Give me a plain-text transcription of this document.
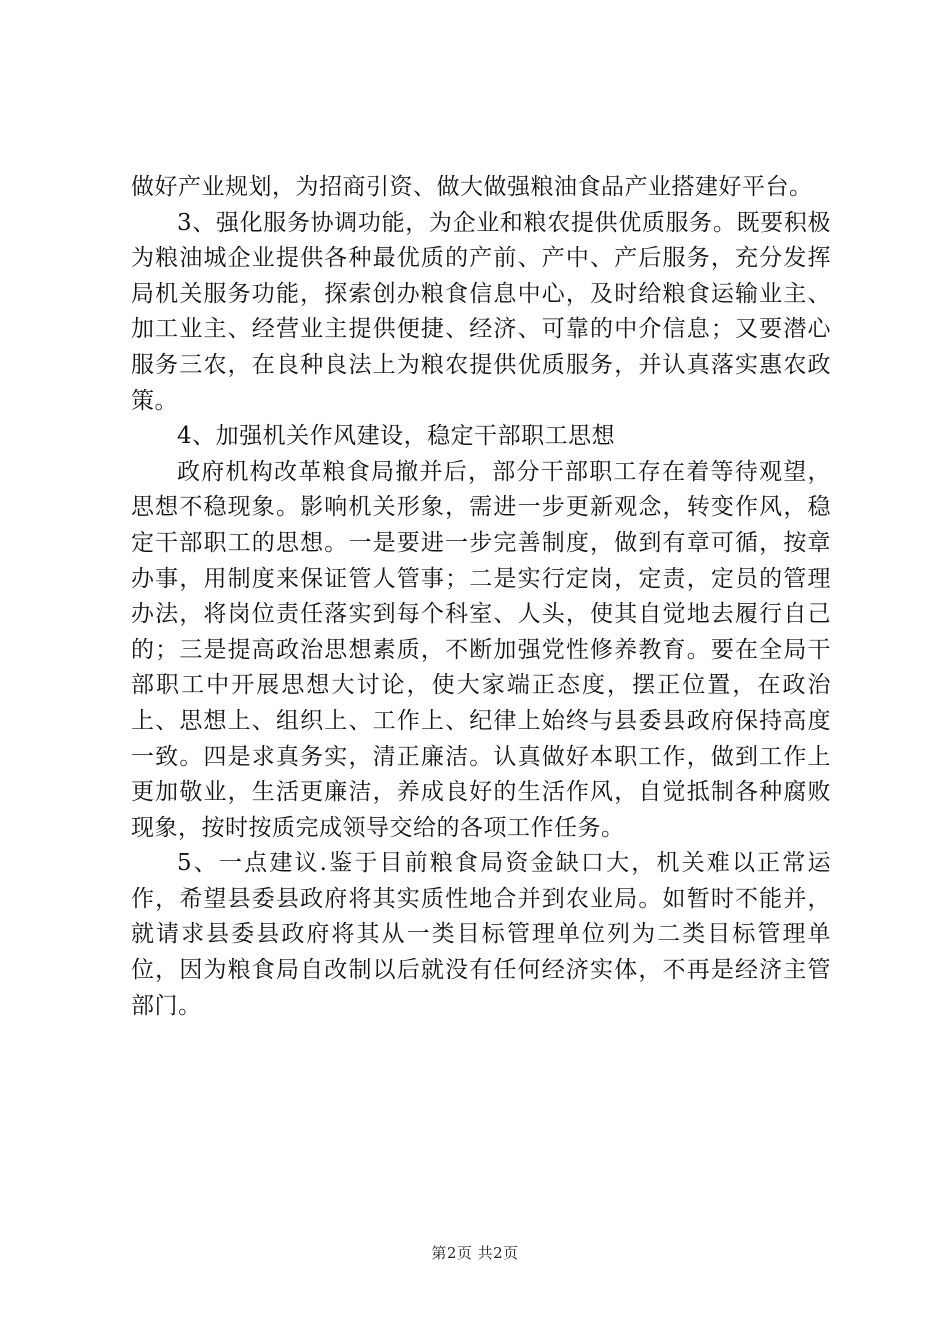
做好产业规划，为招商引资、做大做强粮油食品产业搭建好平台。

3、强化服务协调功能，为企业和粮农提供优质服务。既要积极为粮油城企业提供各种最优质的产前、产中、产后服务，充分发挥局机关服务功能，探索创办粮食信息中心，及时给粮食运输业主、加工业主、经营业主提供便捷、经济、可靠的中介信息；又要潜心服务三农，在良种良法上为粮农提供优质服务，并认真落实惠农政策。

4、加强机关作风建设，稳定干部职工思想

政府机构改革粮食局撤并后，部分干部职工存在着等待观望，思想不稳现象。影响机关形象，需进一步更新观念，转变作风，稳定干部职工的思想。一是要进一步完善制度，做到有章可循，按章办事，用制度来保证管人管事；二是实行定岗，定责，定员的管理办法，将岗位责任落实到每个科室、人头，使其自觉地去履行自己的；三是提高政治思想素质，不断加强党性修养教育。要在全局干部职工中开展思想大讨论，使大家端正态度，摆正位置，在政治上、思想上、组织上、工作上、纪律上始终与县委县政府保持高度一致。四是求真务实，清正廉洁。认真做好本职工作，做到工作上更加敬业，生活更廉洁，养成良好的生活作风，自觉抵制各种腐败现象，按时按质完成领导交给的各项工作任务。

5、一点建议.鉴于目前粮食局资金缺口大，机关难以正常运作，希望县委县政府将其实质性地合并到农业局。如暂时不能并，就请求县委县政府将其从一类目标管理单位列为二类目标管理单位，因为粮食局自改制以后就没有任何经济实体，不再是经济主管部门。

第2页 共2页
